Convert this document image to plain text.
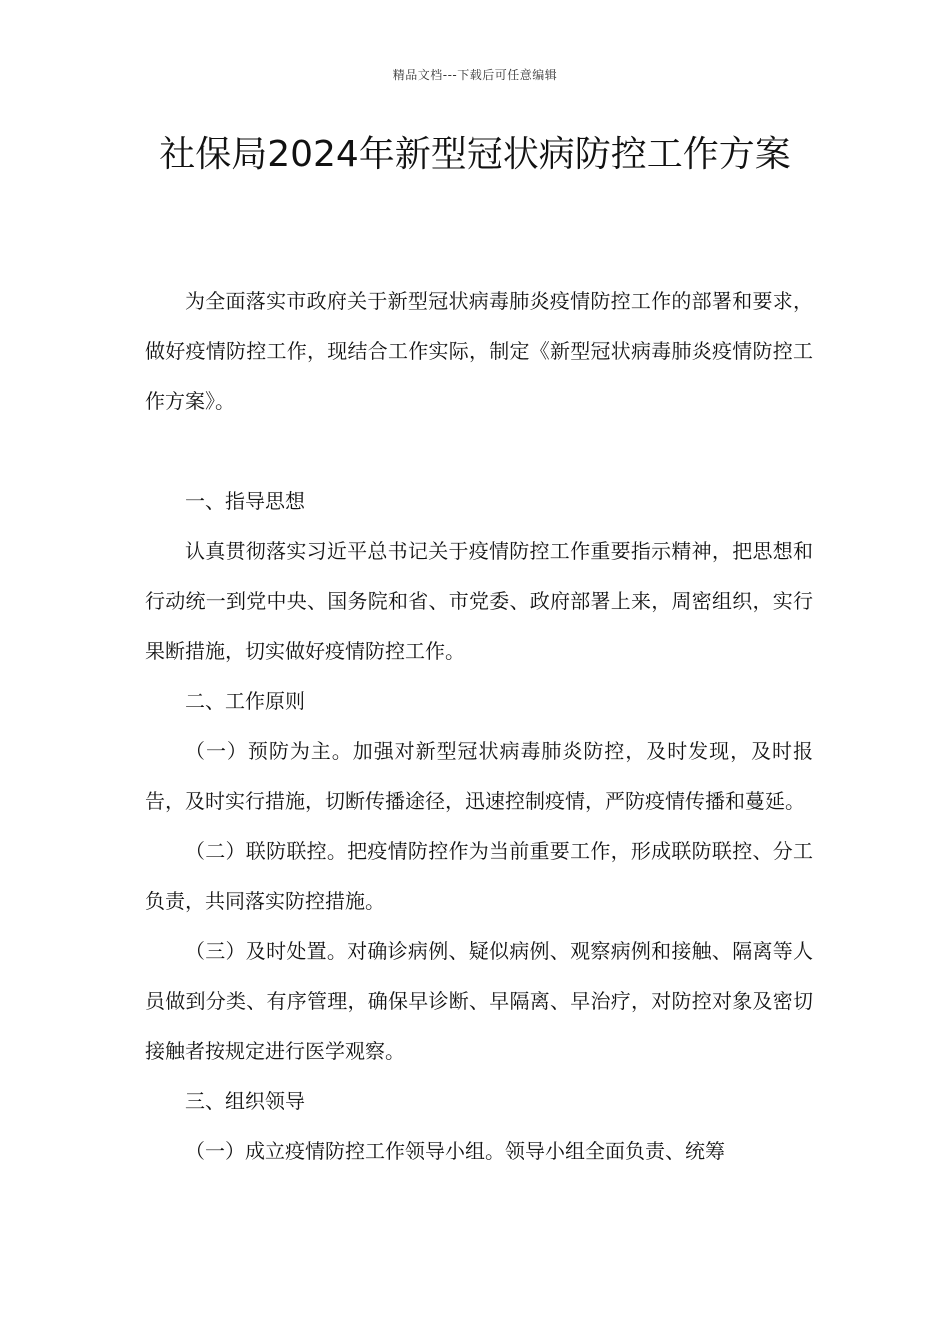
精品文档---下载后可任意编辑
社保局2024年新型冠状病防控工作方案

为全面落实市政府关于新型冠状病毒肺炎疫情防控工作的部署和要求，做好疫情防控工作，现结合工作实际，制定《新型冠状病毒肺炎疫情防控工作方案》。

一、指导思想

认真贯彻落实习近平总书记关于疫情防控工作重要指示精神，把思想和行动统一到党中央、国务院和省、市党委、政府部署上来，周密组织，实行果断措施，切实做好疫情防控工作。

二、工作原则

（一）预防为主。加强对新型冠状病毒肺炎防控，及时发现，及时报告，及时实行措施，切断传播途径，迅速控制疫情，严防疫情传播和蔓延。

（二）联防联控。把疫情防控作为当前重要工作，形成联防联控、分工负责，共同落实防控措施。

（三）及时处置。对确诊病例、疑似病例、观察病例和接触、隔离等人员做到分类、有序管理，确保早诊断、早隔离、早治疗，对防控对象及密切接触者按规定进行医学观察。

三、组织领导

（一）成立疫情防控工作领导小组。领导小组全面负责、统筹
